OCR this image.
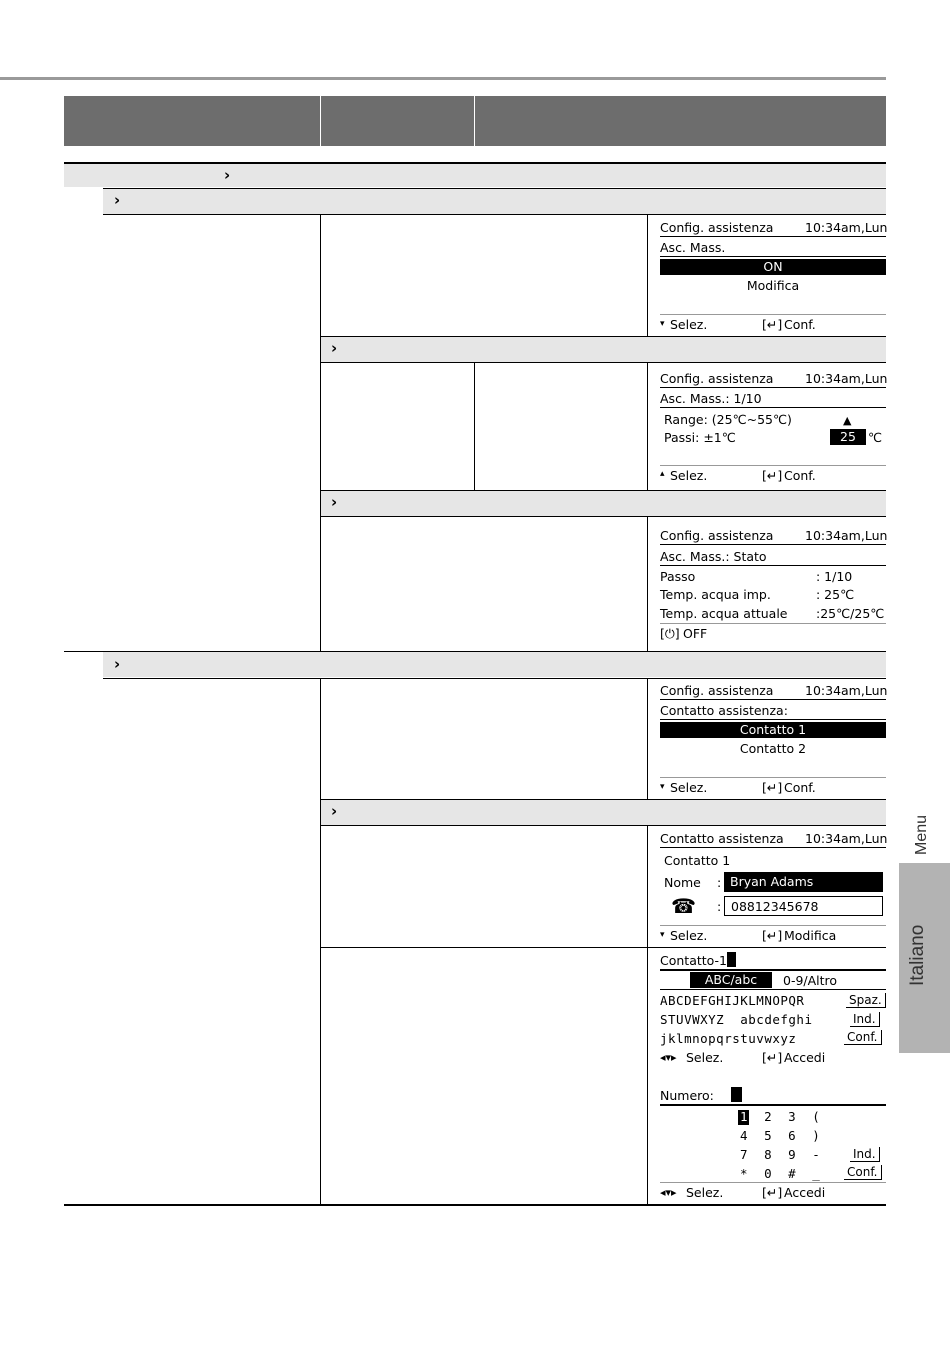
›
›
›
›
›
›
Config. assistenza	10:34am,Lun
Asc. Mass.
ON
Modifica
▾ Selez.	[↵] Conf.
Config. assistenza	10:34am,Lun
Asc. Mass.: 1/10
Range: (25℃~55℃)
Passi: ±1℃
▲
25 ℃
▴ Selez.	[↵] Conf.
Config. assistenza	10:34am,Lun
Asc. Mass.: Stato
Passo	: 1/10
Temp. acqua imp.	: 25℃
Temp. acqua attuale :25℃/25℃
[⏻] OFF
Config. assistenza	10:34am,Lun
Contatto assistenza:
Contatto 1
Contatto 2
▾ Selez.	[↵] Conf.
Contatto assistenza 10:34am,Lun
Contatto 1
Nome : Bryan Adams
☎ : 08812345678
▾ Selez.	[↵] Modifica
Contatto-1
ABC/abc	0-9/Altro
ABCDEFGHIJKLMNOPQR
STUVWXYZ  abcdefghi
jklmnopqrstuvwxyz
Spaz.
Ind.
Conf.
◂▾▸ Selez.	[↵] Accedi
Numero:
1  2  3  (
4  5  6  )
7  8  9  -
*  0  #  _
Ind.
Conf.
◂▾▸ Selez.	[↵] Accedi
Menu
Italiano
